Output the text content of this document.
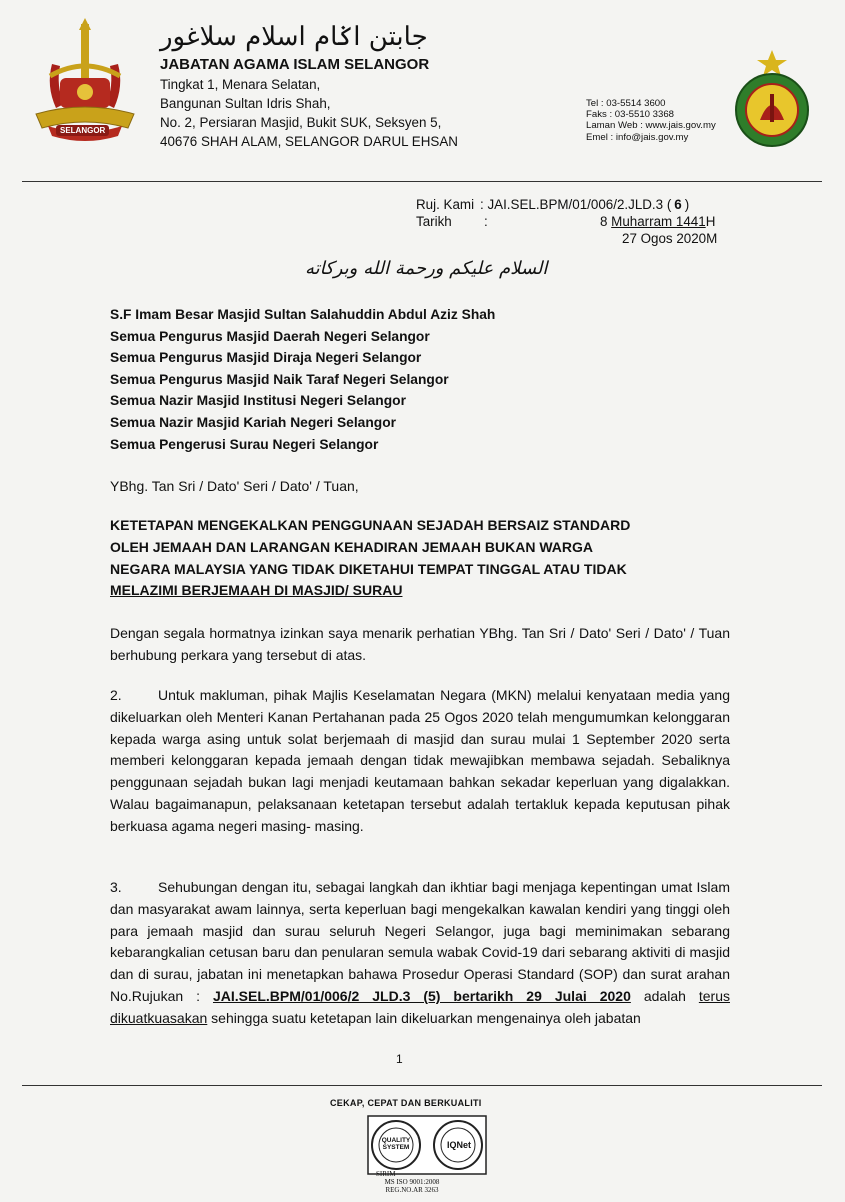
SELANGOR
جابتن اݢام اسلام سلاغور
JABATAN AGAMA ISLAM SELANGOR
Tingkat 1, Menara Selatan,
Bangunan Sultan Idris Shah,
No. 2, Persiaran Masjid, Bukit SUK, Seksyen 5,
40676 SHAH ALAM, SELANGOR DARUL EHSAN
Tel : 03-5514 3600
Faks : 03-5510 3368
Laman Web : www.jais.gov.my
Emel : info@jais.gov.my
Ruj. Kami : JAI.SEL.BPM/01/006/2.JLD.3 ( 6 )
Tarikh	:	8 Muharram 1441H
27 Ogos 2020M
السلام عليكم ورحمة الله وبركاته
S.F Imam Besar Masjid Sultan Salahuddin Abdul Aziz Shah
Semua Pengurus Masjid Daerah Negeri Selangor
Semua Pengurus Masjid Diraja Negeri Selangor
Semua Pengurus Masjid Naik Taraf Negeri Selangor
Semua Nazir Masjid Institusi Negeri Selangor
Semua Nazir Masjid Kariah Negeri Selangor
Semua Pengerusi Surau Negeri Selangor
YBhg. Tan Sri / Dato' Seri / Dato' / Tuan,
KETETAPAN MENGEKALKAN PENGGUNAAN SEJADAH BERSAIZ STANDARD
OLEH JEMAAH DAN LARANGAN KEHADIRAN JEMAAH BUKAN WARGA
NEGARA MALAYSIA YANG TIDAK DIKETAHUI TEMPAT TINGGAL ATAU TIDAK
MELAZIMI BERJEMAAH DI MASJID/ SURAU
Dengan segala hormatnya izinkan saya menarik perhatian YBhg. Tan Sri / Dato' Seri / Dato' / Tuan berhubung perkara yang tersebut di atas.
2.	Untuk makluman, pihak Majlis Keselamatan Negara (MKN) melalui kenyataan media yang dikeluarkan oleh Menteri Kanan Pertahanan pada 25 Ogos 2020 telah mengumumkan kelonggaran kepada warga asing untuk solat berjemaah di masjid dan surau mulai 1 September 2020 serta memberi kelonggaran kepada jemaah dengan tidak mewajibkan membawa sejadah. Sebaliknya penggunaan sejadah bukan lagi menjadi keutamaan bahkan sekadar keperluan yang digalakkan. Walau bagaimanapun, pelaksanaan ketetapan tersebut adalah tertakluk kepada keputusan pihak berkuasa agama negeri masing- masing.
3.	Sehubungan dengan itu, sebagai langkah dan ikhtiar bagi menjaga kepentingan umat Islam dan masyarakat awam lainnya, serta keperluan bagi mengekalkan kawalan kendiri yang tinggi oleh para jemaah masjid dan surau seluruh Negeri Selangor, juga bagi meminimakan sebarang kebarangkalian cetusan baru dan penularan semula wabak Covid-19 dari sebarang aktiviti di masjid dan di surau, jabatan ini menetapkan bahawa Prosedur Operasi Standard (SOP) dan surat arahan No.Rujukan : JAI.SEL.BPM/01/006/2 JLD.3 (5) bertarikh 29 Julai 2020 adalah terus dikuatkuasakan sehingga suatu ketetapan lain dikeluarkan mengenainya oleh jabatan
1
CEKAP, CEPAT DAN BERKUALITI
QUALITY SYSTEM	IQNet
SIRIM
MS ISO 9001:2008
REG.NO.AR 3263
